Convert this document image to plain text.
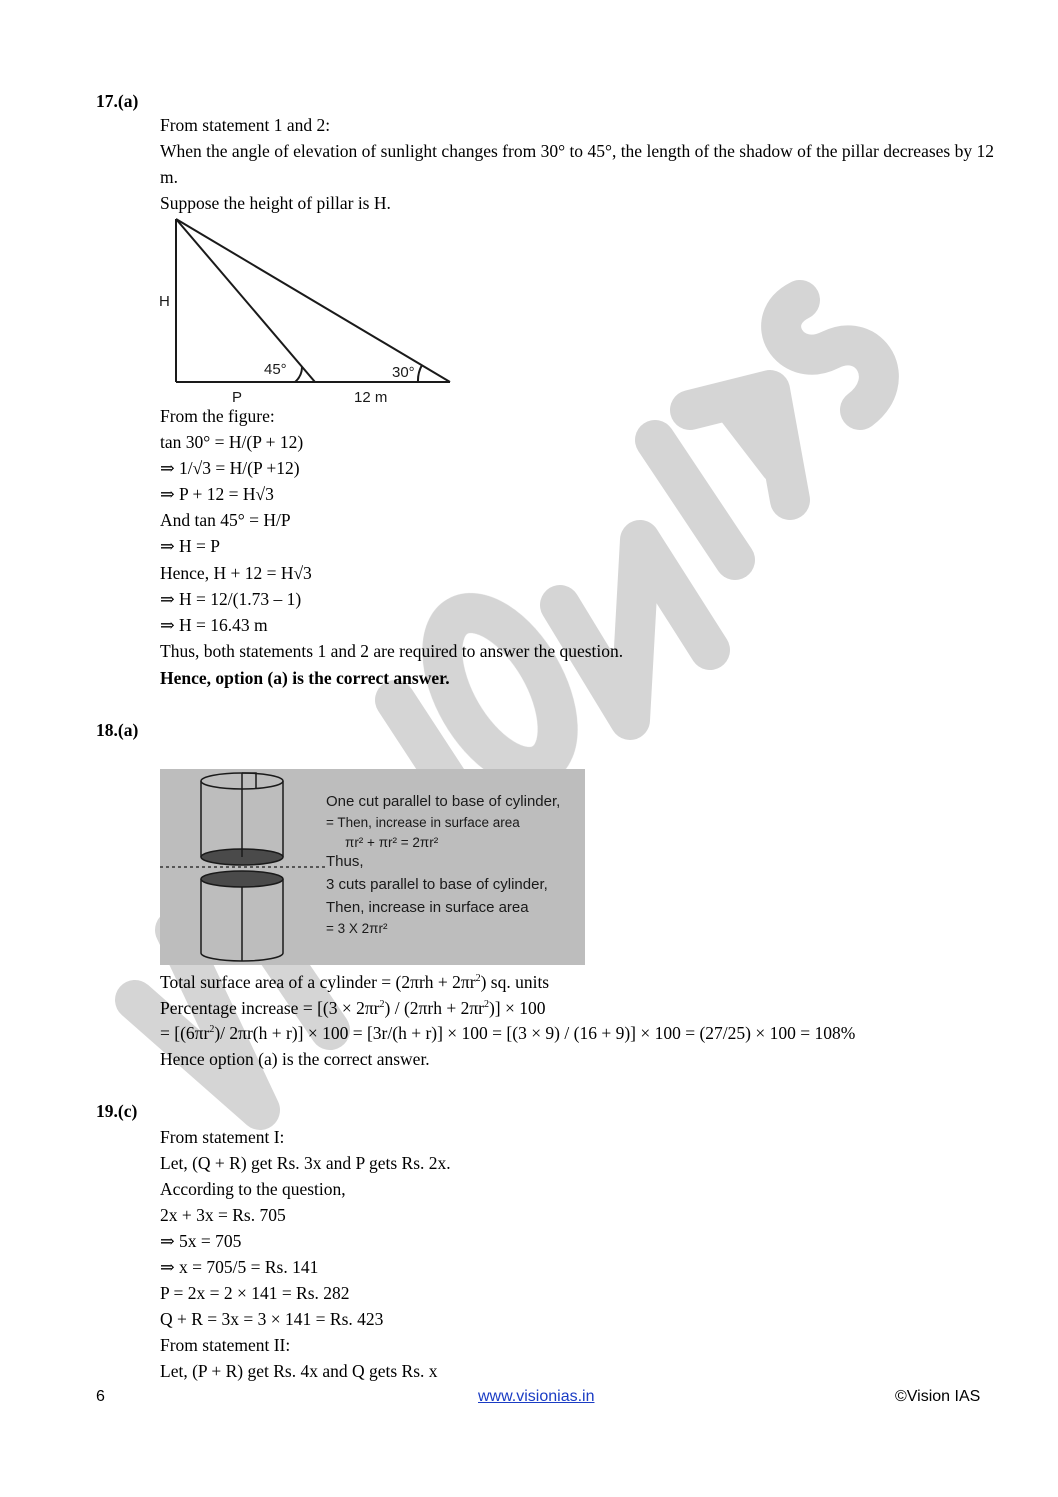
17.(a)
From statement 1 and 2:
When the angle of elevation of sunlight changes from 30° to 45°, the length of the shadow of the pillar decreases by 12 m.
Suppose the height of pillar is H.
H
45°	30°
P	12 m
From the figure:
tan 30° = H/(P + 12)
⇒ 1/√3 = H/(P +12)
⇒ P + 12 = H√3
And tan 45° = H/P
⇒ H = P
Hence, H + 12 = H√3
⇒ H = 12/(1.73 – 1)
⇒ H = 16.43 m
Thus, both statements 1 and 2 are required to answer the question.
Hence, option (a) is the correct answer.
18.(a)
One cut parallel to base of cylinder,
= Then, increase in surface area
πr² + πr² = 2πr²
Thus,
3 cuts parallel to base of cylinder,
Then, increase in surface area
= 3 X 2πr²
Total surface area of a cylinder = $(2\pi rh + 2\pi r^2)$ sq. units
Percentage increase = $[(3 \times 2\pi r^2) / (2\pi rh + 2\pi r^2)] \times 100$
= [$(6\pi r^2)/$ 2πr(h + r)] × 100 = [3r/(h + r)] × 100 = [(3 × 9) / (16 + 9)] × 100 = (27/25) × 100 = 108%
Hence option (a) is the correct answer.
19.(c)
From statement I:
Let, (Q + R) get Rs. 3x and P gets Rs. 2x.
According to the question,
2x + 3x = Rs. 705
⇒ 5x = 705
⇒ x = 705/5 = Rs. 141
P = 2x = 2 × 141 = Rs. 282
Q + R = 3x = 3 × 141 = Rs. 423
From statement II:
Let, (P + R) get Rs. 4x and Q gets Rs. x
6	www.visionias.in	©Vision IAS
